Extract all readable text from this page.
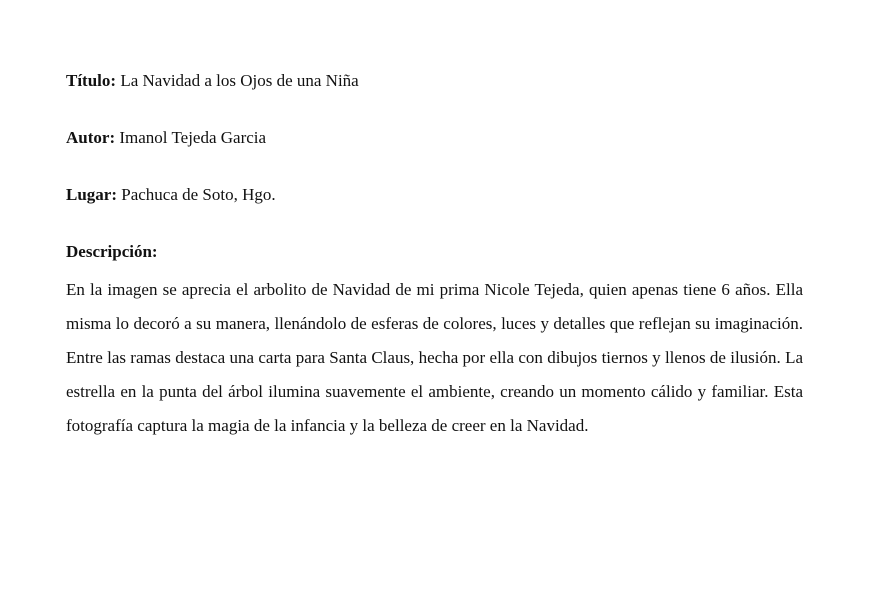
Título: La Navidad a los Ojos de una Niña
Autor: Imanol Tejeda Garcia
Lugar: Pachuca de Soto, Hgo.
Descripción:

En la imagen se aprecia el arbolito de Navidad de mi prima Nicole Tejeda, quien apenas tiene 6 años. Ella misma lo decoró a su manera, llenándolo de esferas de colores, luces y detalles que reflejan su imaginación. Entre las ramas destaca una carta para Santa Claus, hecha por ella con dibujos tiernos y llenos de ilusión. La estrella en la punta del árbol ilumina suavemente el ambiente, creando un momento cálido y familiar. Esta fotografía captura la magia de la infancia y la belleza de creer en la Navidad.
